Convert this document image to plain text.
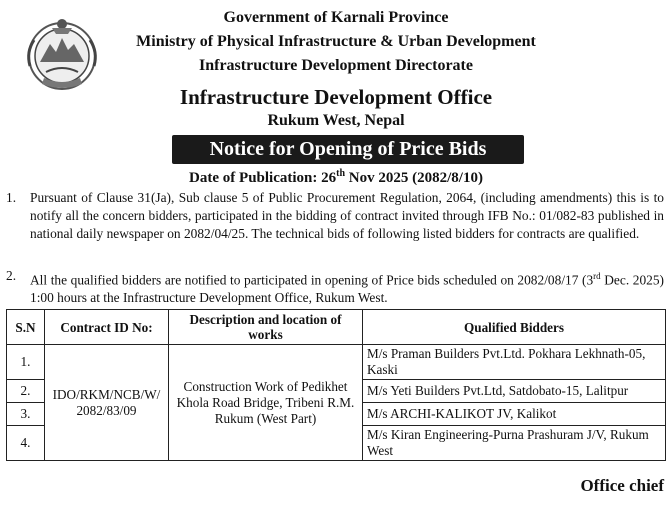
Government of Karnali Province
Ministry of Physical Infrastructure & Urban Development
Infrastructure Development Directorate
Infrastructure Development Office
Rukum West, Nepal
Notice for Opening of Price Bids
Date of Publication: 26th Nov 2025 (2082/8/10)
1.	Pursuant of Clause 31(Ja), Sub clause 5 of Public Procurement Regulation, 2064, (including amendments) this is to notify all the concern bidders, participated in the bidding of contract invited through IFB No.: 01/082-83 published in national daily newspaper on 2082/04/25. The technical bids of following listed bidders for contracts are qualified.
2.	All the qualified bidders are notified to participated in opening of Price bids scheduled on 2082/08/17 (3rd Dec. 2025) 1:00 hours at the Infrastructure Development Office, Rukum West.
S.N	Contract ID No:	Description and location of works	Qualified Bidders
1.	IDO/RKM/NCB/W/ 2082/83/09	Construction Work of Pedikhet Khola Road Bridge, Tribeni R.M. Rukum (West Part)	M/s Praman Builders Pvt.Ltd. Pokhara Lekhnath-05, Kaski
2.			M/s Yeti Builders Pvt.Ltd, Satdobato-15, Lalitpur
3.			M/s ARCHI-KALIKOT JV, Kalikot
4.			M/s Kiran Engineering-Purna Prashuram J/V, Rukum West
Office chief
